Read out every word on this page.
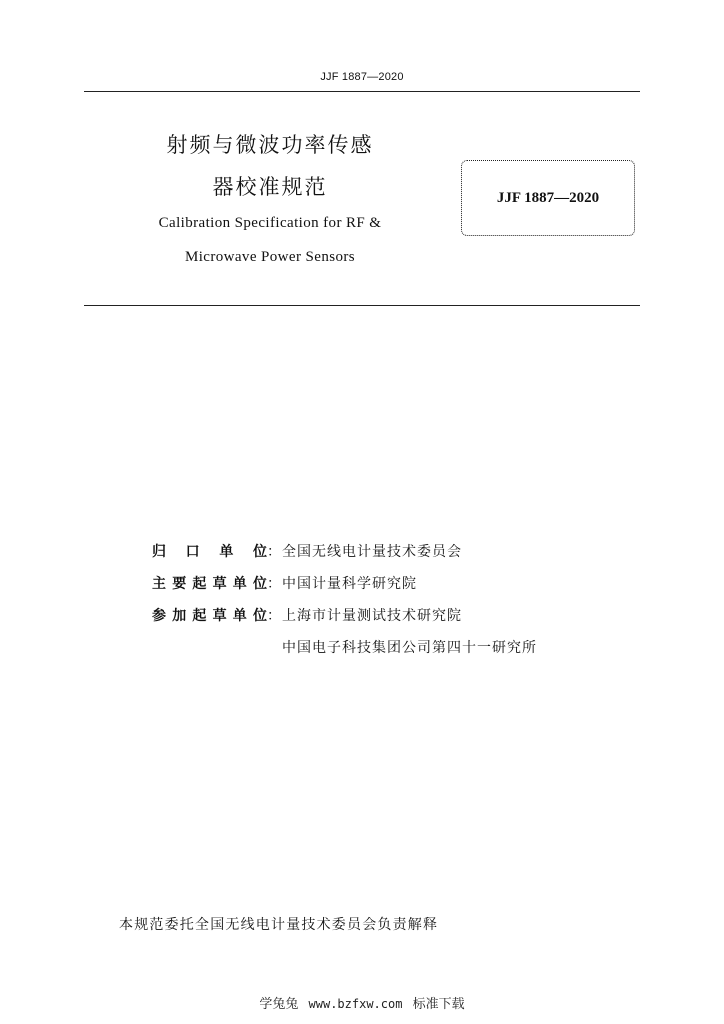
JJF 1887—2020
射频与微波功率传感
器校准规范
Calibration Specification for RF &
Microwave Power Sensors
JJF 1887—2020
归 口 单 位 ： 全国无线电计量技术委员会
主 要 起 草 单 位 ： 中国计量科学研究院
参 加 起 草 单 位 ： 上海市计量测试技术研究院
中国电子科技集团公司第四十一研究所
本规范委托全国无线电计量技术委员会负责解释
学兔兔 www.bzfxw.com 标准下载
